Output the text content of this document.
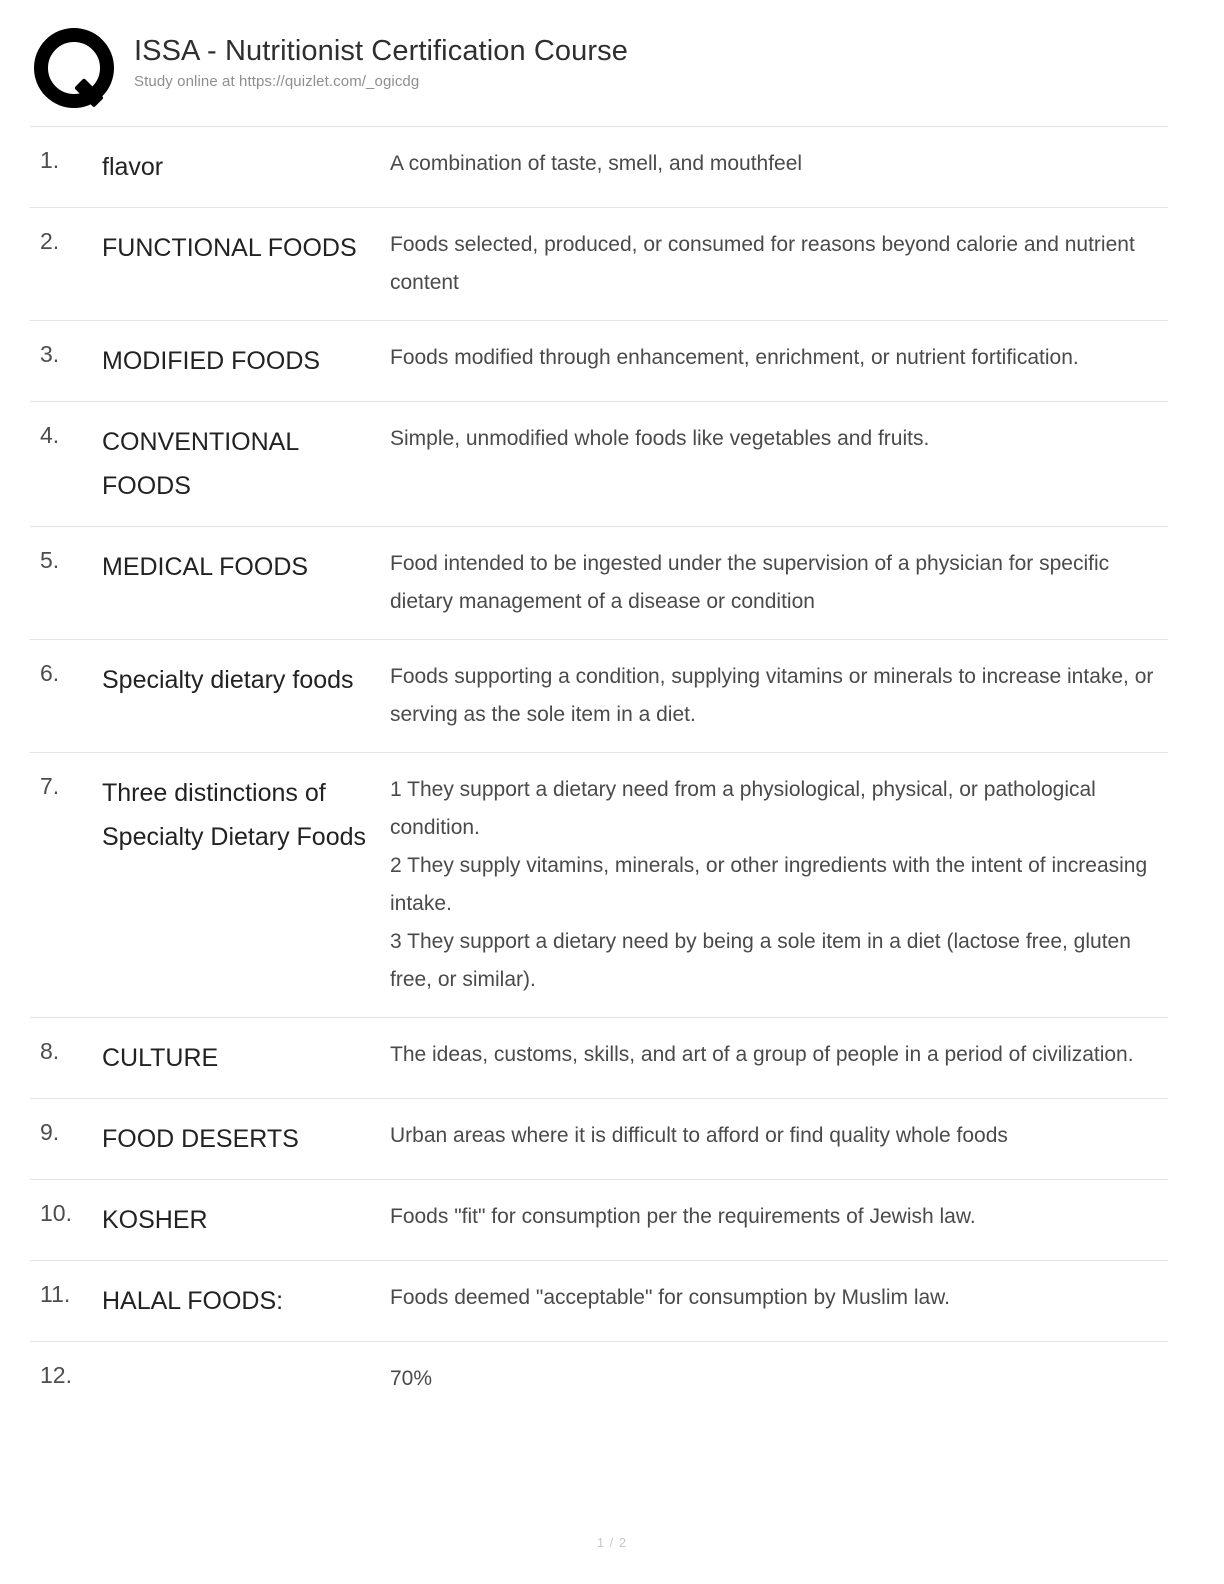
ISSA - Nutritionist Certification Course
Study online at https://quizlet.com/_ogicdg
1.	flavor	A combination of taste, smell, and mouthfeel

2.	FUNCTIONAL FOODS	Foods selected, produced, or consumed for reasons beyond calorie and nutrient content

3.	MODIFIED FOODS	Foods modified through enhancement, enrichment, or nutrient fortification.

4.	CONVENTIONAL FOODS	Simple, unmodified whole foods like vegetables and fruits.

5.	MEDICAL FOODS	Food intended to be ingested under the supervision of a physician for specific dietary management of a disease or condition

6.	Specialty dietary foods	Foods supporting a condition, supplying vitamins or minerals to increase intake, or serving as the sole item in a diet.

7.	Three distinctions of Specialty Dietary Foods	1 They support a dietary need from a physiological, physical, or pathological condition.
2 They supply vitamins, minerals, or other ingredients with the intent of increasing intake.
3 They support a dietary need by being a sole item in a diet (lactose free, gluten free, or similar).

8.	CULTURE	The ideas, customs, skills, and art of a group of people in a period of civilization.

9.	FOOD DESERTS	Urban areas where it is difficult to afford or find quality whole foods

10.	KOSHER	Foods "fit" for consumption per the requirements of Jewish law.

11.	HALAL FOODS:	Foods deemed "acceptable" for consumption by Muslim law.

12.		70%
1 / 2
